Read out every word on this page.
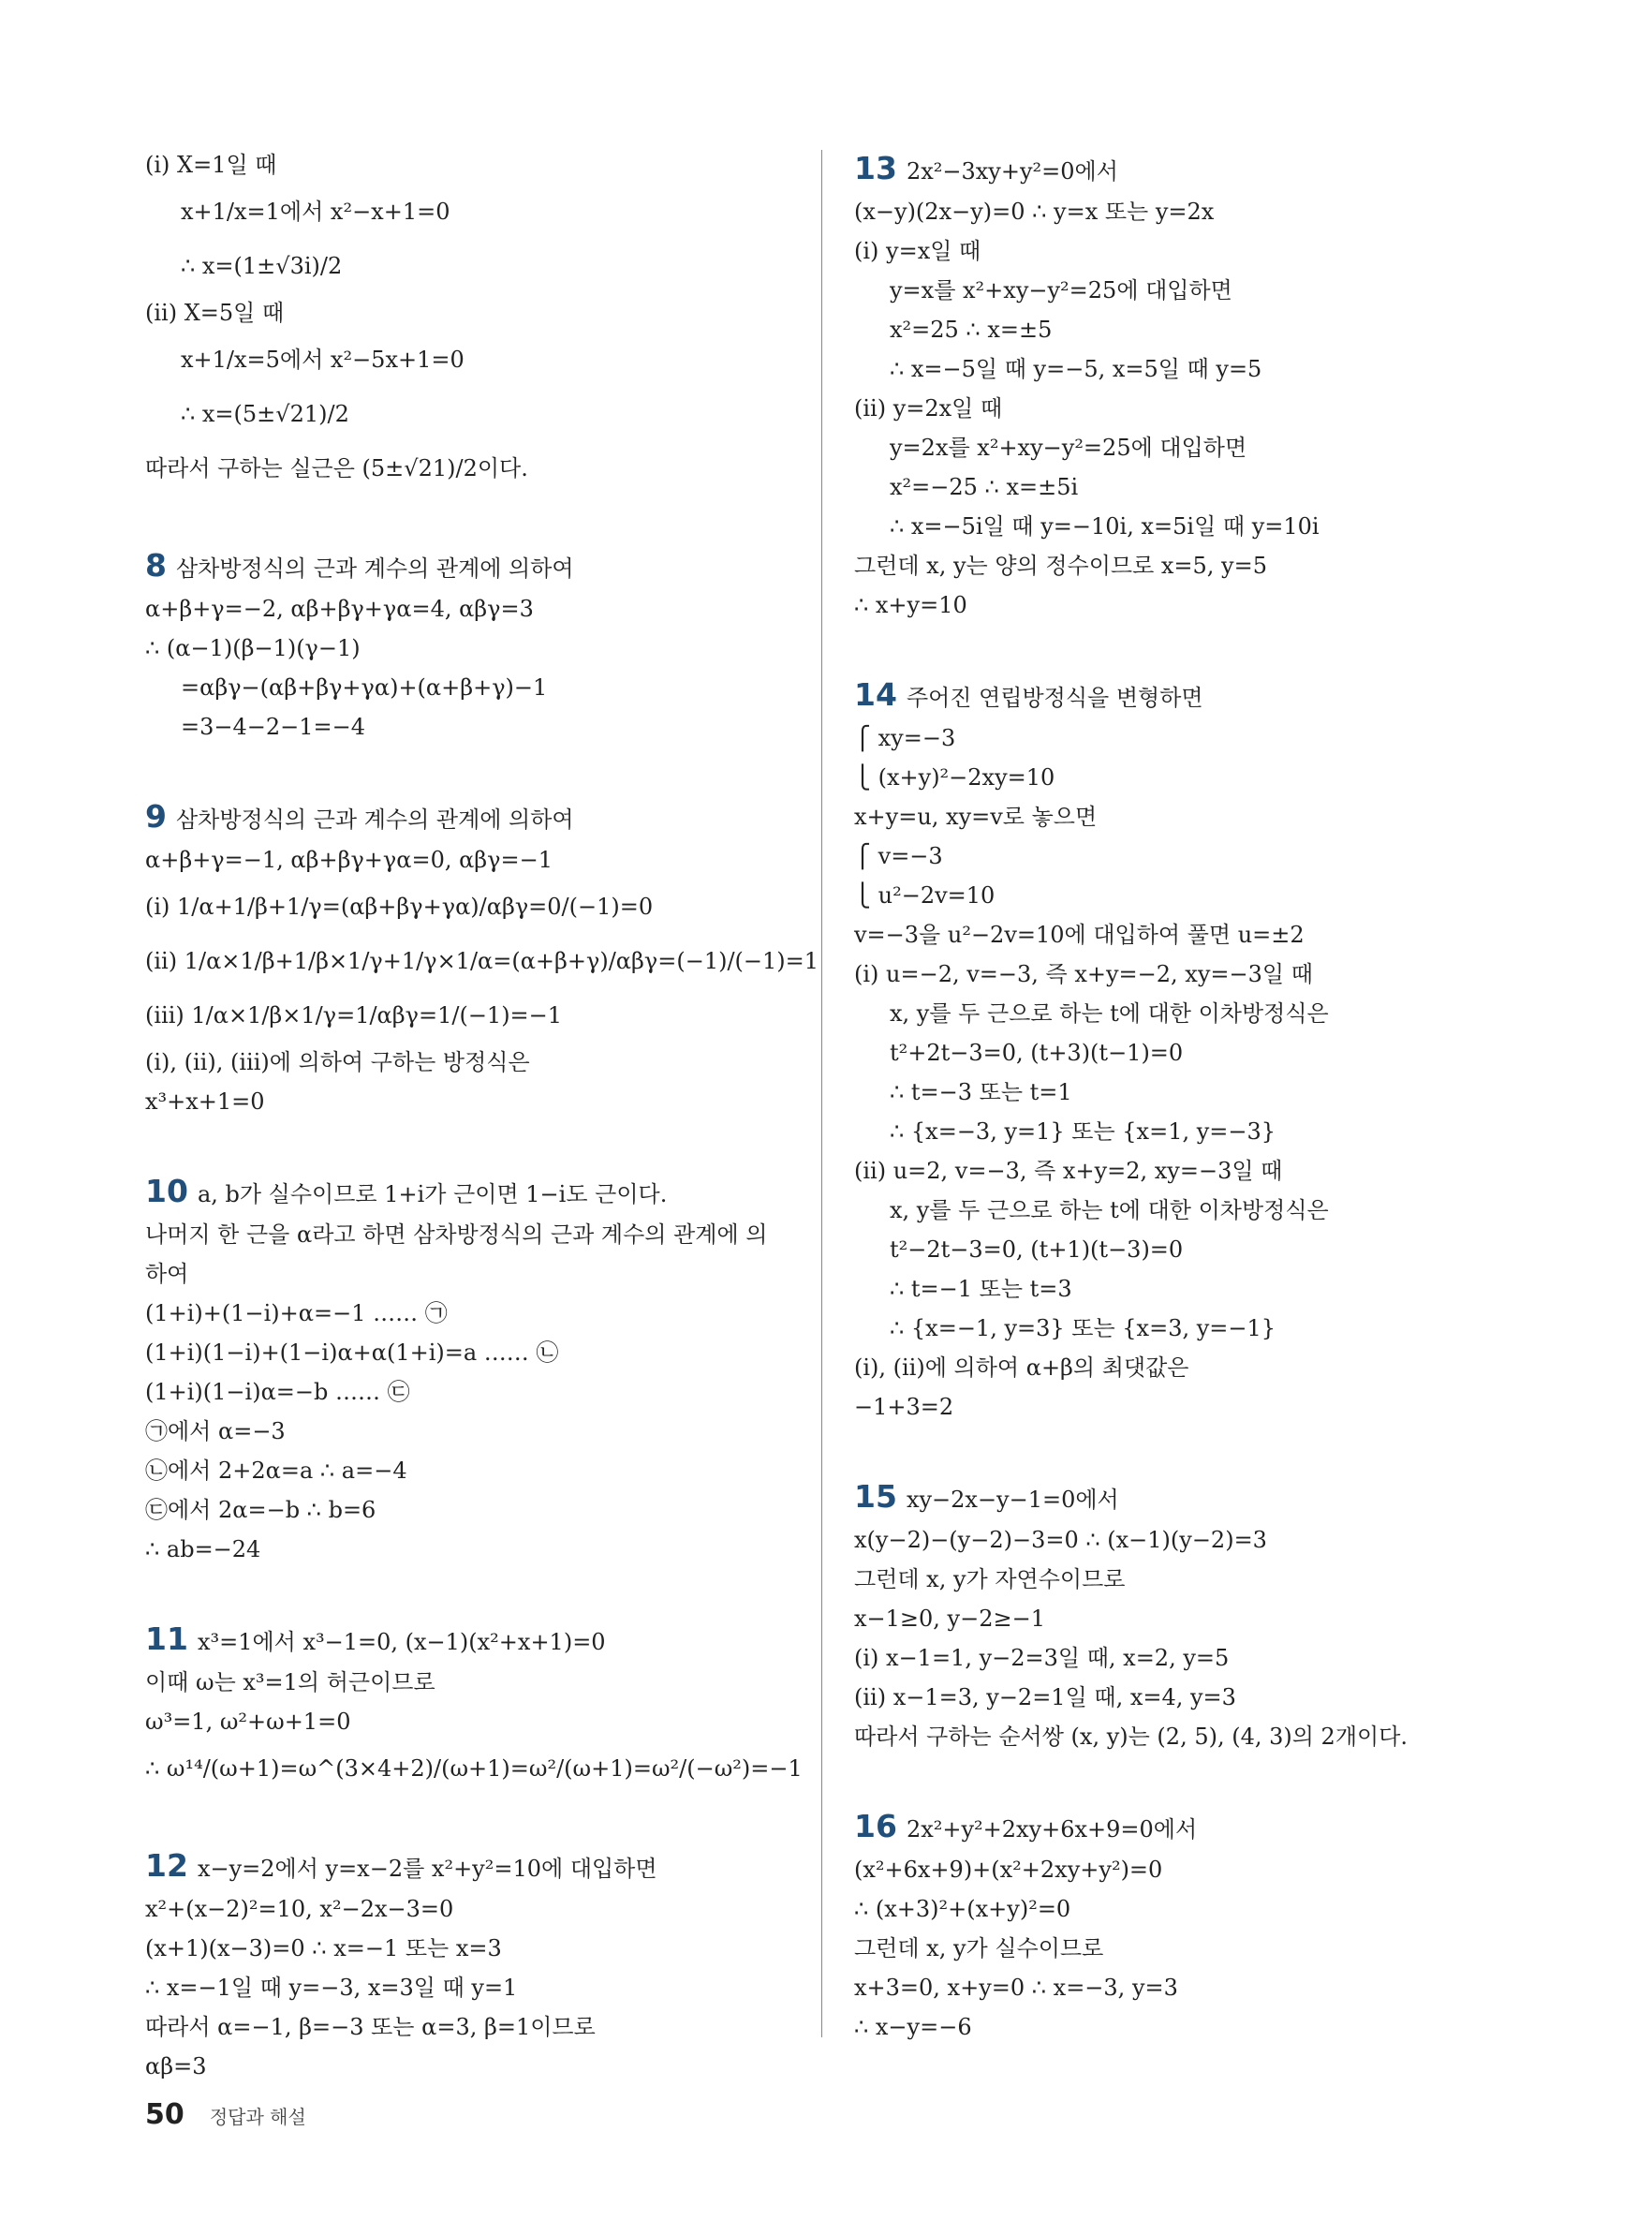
(ⅰ) X=1일 때
x+1/x=1에서 x²−x+1=0
∴ x=(1±√3i)/2
(ⅱ) X=5일 때
x+1/x=5에서 x²−5x+1=0
∴ x=(5±√21)/2
따라서 구하는 실근은 (5±√21)/2이다.
8 삼차방정식의 근과 계수의 관계에 의하여
α+β+γ=−2, αβ+βγ+γα=4, αβγ=3
∴ (α−1)(β−1)(γ−1)
=αβγ−(αβ+βγ+γα)+(α+β+γ)−1
=3−4−2−1=−4
9 삼차방정식의 근과 계수의 관계에 의하여
α+β+γ=−1, αβ+βγ+γα=0, αβγ=−1
(ⅰ) 1/α+1/β+1/γ=(αβ+βγ+γα)/αβγ=0/(−1)=0
(ⅱ) 1/α×1/β+1/β×1/γ+1/γ×1/α=(α+β+γ)/αβγ=(−1)/(−1)=1
(ⅲ) 1/α×1/β×1/γ=1/αβγ=1/(−1)=−1
(ⅰ), (ⅱ), (ⅲ)에 의하여 구하는 방정식은
x³+x+1=0
10 a, b가 실수이므로 1+i가 근이면 1−i도 근이다.
나머지 한 근을 α라고 하면 삼차방정식의 근과 계수의 관계에 의
하여
(1+i)+(1−i)+α=−1 …… ㉠
(1+i)(1−i)+(1−i)α+α(1+i)=a …… ㉡
(1+i)(1−i)α=−b …… ㉢
㉠에서 α=−3
㉡에서 2+2α=a ∴ a=−4
㉢에서 2α=−b ∴ b=6
∴ ab=−24
11 x³=1에서 x³−1=0, (x−1)(x²+x+1)=0
이때 ω는 x³=1의 허근이므로
ω³=1, ω²+ω+1=0
∴ ω¹⁴/(ω+1)=ω^(3×4+2)/(ω+1)=ω²/(ω+1)=ω²/(−ω²)=−1
12 x−y=2에서 y=x−2를 x²+y²=10에 대입하면
x²+(x−2)²=10, x²−2x−3=0
(x+1)(x−3)=0 ∴ x=−1 또는 x=3
∴ x=−1일 때 y=−3, x=3일 때 y=1
따라서 α=−1, β=−3 또는 α=3, β=1이므로
αβ=3
13 2x²−3xy+y²=0에서
(x−y)(2x−y)=0 ∴ y=x 또는 y=2x
(ⅰ) y=x일 때
y=x를 x²+xy−y²=25에 대입하면
x²=25 ∴ x=±5
∴ x=−5일 때 y=−5, x=5일 때 y=5
(ⅱ) y=2x일 때
y=2x를 x²+xy−y²=25에 대입하면
x²=−25 ∴ x=±5i
∴ x=−5i일 때 y=−10i, x=5i일 때 y=10i
그런데 x, y는 양의 정수이므로 x=5, y=5
∴ x+y=10
14 주어진 연립방정식을 변형하면
⎧ xy=−3
⎩ (x+y)²−2xy=10
x+y=u, xy=v로 놓으면
⎧ v=−3
⎩ u²−2v=10
v=−3을 u²−2v=10에 대입하여 풀면 u=±2
(ⅰ) u=−2, v=−3, 즉 x+y=−2, xy=−3일 때
x, y를 두 근으로 하는 t에 대한 이차방정식은
t²+2t−3=0, (t+3)(t−1)=0
∴ t=−3 또는 t=1
∴ {x=−3, y=1} 또는 {x=1, y=−3}
(ⅱ) u=2, v=−3, 즉 x+y=2, xy=−3일 때
x, y를 두 근으로 하는 t에 대한 이차방정식은
t²−2t−3=0, (t+1)(t−3)=0
∴ t=−1 또는 t=3
∴ {x=−1, y=3} 또는 {x=3, y=−1}
(ⅰ), (ⅱ)에 의하여 α+β의 최댓값은
−1+3=2
15 xy−2x−y−1=0에서
x(y−2)−(y−2)−3=0 ∴ (x−1)(y−2)=3
그런데 x, y가 자연수이므로
x−1≥0, y−2≥−1
(ⅰ) x−1=1, y−2=3일 때, x=2, y=5
(ⅱ) x−1=3, y−2=1일 때, x=4, y=3
따라서 구하는 순서쌍 (x, y)는 (2, 5), (4, 3)의 2개이다.
16 2x²+y²+2xy+6x+9=0에서
(x²+6x+9)+(x²+2xy+y²)=0
∴ (x+3)²+(x+y)²=0
그런데 x, y가 실수이므로
x+3=0, x+y=0 ∴ x=−3, y=3
∴ x−y=−6
50 정답과 해설
